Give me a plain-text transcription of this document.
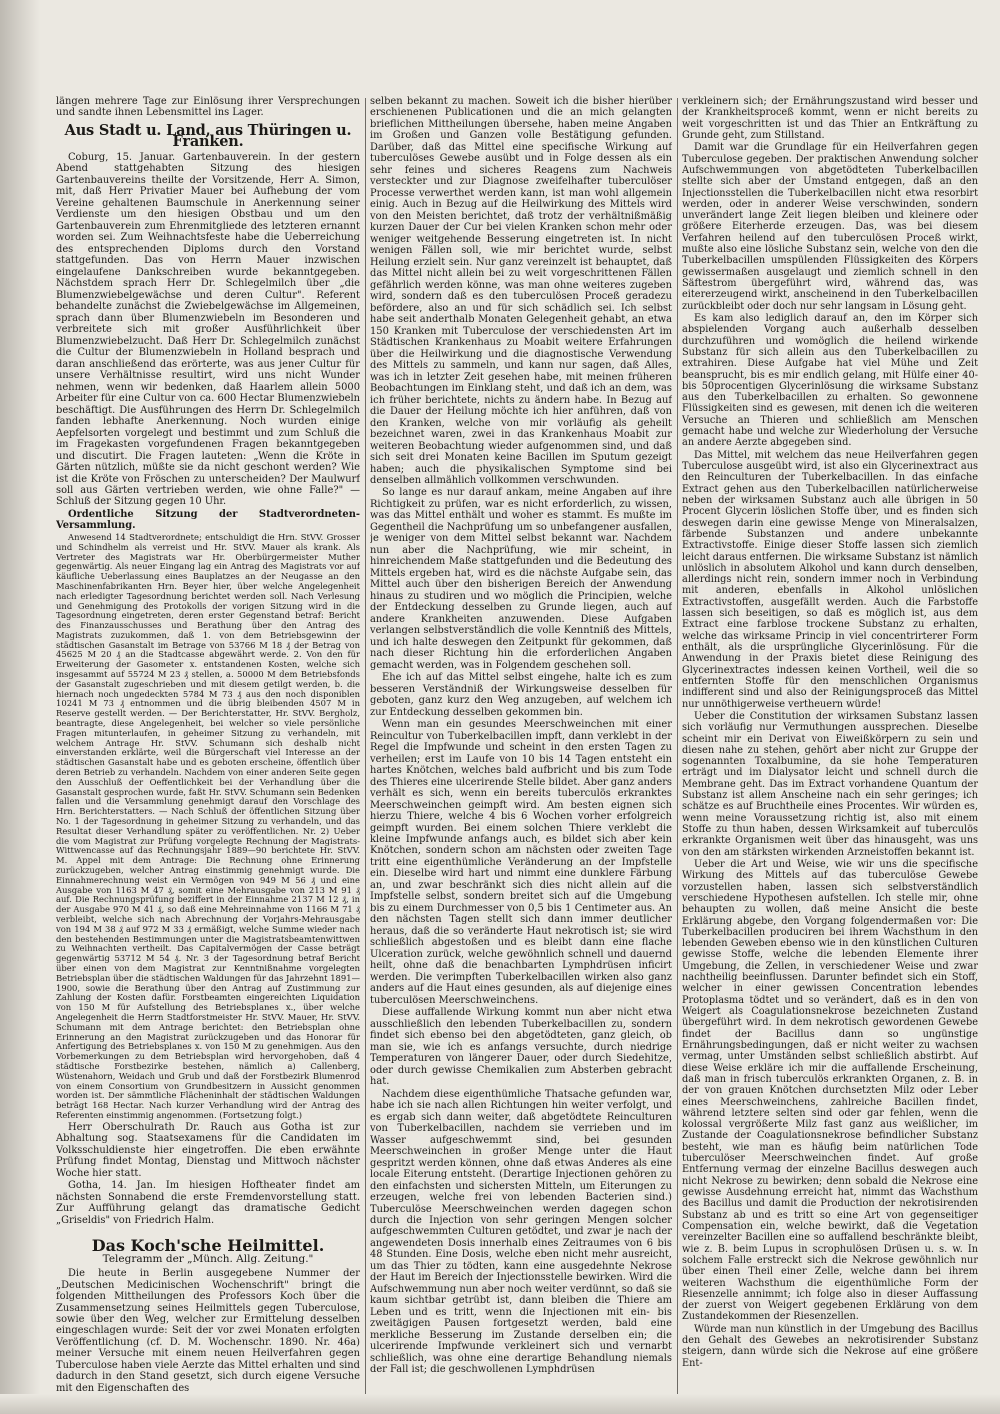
längen mehrere Tage zur Einlösung ihrer Versprechungen und sandte ihnen Lebensmittel ins Lager.

Aus Stadt u. Land, aus Thüringen u. Franken.

Coburg, 15. Januar. Gartenbauverein. In der gestern Abend stattgehabten Sitzung des hiesigen Gartenbauvereins theilte der Vorsitzende, Herr A. Simon, mit, daß Herr Privatier Mauer bei Aufhebung der vom Vereine gehaltenen Baumschule in Anerkennung seiner Verdienste um den hiesigen Obstbau und um den Gartenbauverein zum Ehrenmitgliede des letzteren ernannt worden sei. Zum Weihnachtsfeste habe die Ueberreichung des entsprechenden Diploms durch den Vorstand stattgefunden. Das von Herrn Mauer inzwischen eingelaufene Dankschreiben wurde bekanntgegeben. Nächstdem sprach Herr Dr. Schlegelmilch über „die Blumenzwiebelgewächse und deren Cultur". Referent behandelte zunächst die Zwiebelgewächse im Allgemeinen, sprach dann über Blumenzwiebeln im Besonderen und verbreitete sich mit großer Ausführlichkeit über Blumenzwiebelzucht. Daß Herr Dr. Schlegelmilch zunächst die Cultur der Blumenzwiebeln in Holland besprach und daran anschließend das erörterte, was aus jener Cultur für unsere Verhältnisse resultirt, wird uns nicht Wunder nehmen, wenn wir bedenken, daß Haarlem allein 5000 Arbeiter für eine Cultur von ca. 600 Hectar Blumenzwiebeln beschäftigt. Die Ausführungen des Herrn Dr. Schlegelmilch fanden lebhafte Anerkennung. Noch wurden einige Aepfelsorten vorgelegt und bestimmt und zum Schluß die im Fragekasten vorgefundenen Fragen bekanntgegeben und discutirt. Die Fragen lauteten: „Wenn die Kröte in Gärten nützlich, müßte sie da nicht geschont werden? Wie ist die Kröte von Fröschen zu unterscheiden? Der Maulwurf soll aus Gärten vertrieben werden, wie ohne Falle?" — Schluß der Sitzung gegen 10 Uhr.

Ordentliche Sitzung der Stadtverordneten-Versammlung.

Anwesend 14 Stadtverordnete; entschuldigt die Hrn. StVV. Grosser und Schindhelm als verreist und Hr. StVV. Mauer als krank. Als Vertreter des Magistrats war Hr. Oberbürgermeister Muther gegenwärtig. Als neuer Eingang lag ein Antrag des Magistrats vor auf käufliche Ueberlassung eines Bauplatzes an der Neugasse an den Maschinenfabrikanten Hrn. Beyer hier, über welche Angelegenheit nach erledigter Tagesordnung berichtet werden soll. Nach Verlesung und Genehmigung des Protokolls der vorigen Sitzung wird in die Tagesordnung eingetreten, deren erster Gegenstand betraf: Bericht des Finanzausschusses und Berathung über den Antrag des Magistrats zuzukommen, daß 1. von dem Betriebsgewinn der städtischen Gasanstalt im Betrage von 53766 M 18 ₰ der Betrag von 45625 M 20 ₰ an die Stadtcasse abgewährt werde. 2. Von den für Erweiterung der Gasometer x. entstandenen Kosten, welche sich insgesammt auf 55724 M 23 ₰ stellen, a. 50000 M dem Betriebsfonds der Gasanstalt zugeschrieben und mit diesem getilgt werden, b. die hiernach noch ungedeckten 5784 M 73 ₰ aus den noch disponiblen 10241 M 73 ₰ entnommen und die übrig bleibenden 4507 M in Reserve gestellt werden. — Der Berichterstatter, Hr. StVV. Bergholz, beantragte, diese Angelegenheit, bei welcher so viele persönliche Fragen mitunterlaufen, in geheimer Sitzung zu verhandeln, mit welchem Antrage Hr. StVV. Schumann sich deshalb nicht einverstanden erklärte, weil die Bürgerschaft viel Interesse an der städtischen Gasanstalt habe und es geboten erscheine, öffentlich über deren Betrieb zu verhandeln. Nachdem von einer anderen Seite gegen den Ausschluß der Oeffentlichkeit bei der Verhandlung über die Gasanstalt gesprochen wurde, faßt Hr. StVV. Schumann sein Bedenken fallen und die Versammlung genehmigt darauf den Vorschlage des Hrn. Berichterstatters. — Nach Schluß der öffentlichen Sitzung über No. 1 der Tagesordnung in geheimer Sitzung zu verhandeln, und das Resultat dieser Verhandlung später zu veröffentlichen. Nr. 2) Ueber die vom Magistrat zur Prüfung vorgelegte Rechnung der Magistrats-Wittwencasse auf das Rechnungsjahr 1889—90 berichtete Hr. StVV. M. Appel mit dem Antrage: Die Rechnung ohne Erinnerung zurückzugeben, welcher Antrag einstimmig genehmigt wurde. Die Einnahmerechnung weist ein Vermögen von 949 M 56 ₰ und eine Ausgabe von 1163 M 47 ₰, somit eine Mehrausgabe von 213 M 91 ₰ auf. Die Rechnungsprüfung beziffert in der Einnahme 2137 M 12 ₰, in der Ausgabe 970 M 41 ₰, so daß eine Mehreinnahme von 1166 M 71 ₰ verbleibt, welche sich nach Abrechnung der Vorjahrs-Mehrausgabe von 194 M 38 ₰ auf 972 M 33 ₰ ermäßigt, welche Summe wieder nach den bestehenden Bestimmungen unter die Magistratsbeamtenwittwen zu Weihnachten vertheilt. Das Capitalvermögen der Casse beträgt gegenwärtig 53712 M 54 ₰. Nr. 3 der Tagesordnung betraf Bericht über einen von dem Magistrat zur Kenntnißnahme vorgelegten Betriebsplan über die städtischen Waldungen für das Jahrzehnt 1891—1900, sowie die Berathung über den Antrag auf Zustimmung zur Zahlung der Kosten dafür. Forstbeamten eingereichten Liquidation von 150 M für Aufstellung des Betriebsplanes x., über welche Angelegenheit die Herrn Stadtforstmeister Hr. StVV. Mauer, Hr. StVV. Schumann mit dem Antrage berichtet: den Betriebsplan ohne Erinnerung an den Magistrat zurückzugeben und das Honorar für Anfertigung des Betriebsplanes x. von 150 M zu genehmigen. Aus den Vorbemerkungen zu dem Betriebsplan wird hervorgehoben, daß 4 städtische Forstbezirke bestehen, nämlich a) Callenberg, Wüstenahorn, Weidach und Grub und daß der Forstbezirk Blumenrod von einem Consortium von Grundbesitzern in Aussicht genommen worden ist. Der sämmtliche Flächeninhalt der städtischen Waldungen beträgt 168 Hectar. Nach kurzer Verhandlung wird der Antrag des Referenten einstimmig angenommen. (Fortsetzung folgt.)

Herr Oberschulrath Dr. Rauch aus Gotha ist zur Abhaltung sog. Staatsexamens für die Candidaten im Volksschuldienste hier eingetroffen. Die eben erwähnte Prüfung findet Montag, Dienstag und Mittwoch nächster Woche hier statt.

Gotha, 14. Jan. Im hiesigen Hoftheater findet am nächsten Sonnabend die erste Fremdenvorstellung statt. Zur Aufführung gelangt das dramatische Gedicht „Griseldis" von Friedrich Halm.

Das Koch'sche Heilmittel.
Telegramm der „Münch. Allg. Zeitung."

Die heute in Berlin ausgegebene Nummer der „Deutschen Medicinischen Wochenschrift" bringt die folgenden Mittheilungen des Professors Koch über die Zusammensetzung seines Heilmittels gegen Tuberculose, sowie über den Weg, welcher zur Ermittelung desselben eingeschlagen wurde: Seit der vor zwei Monaten erfolgten Veröffentlichung (cf. D. M. Wochenschr. 1890. Nr. 46a) meiner Versuche mit einem neuen Heilverfahren gegen Tuberculose haben viele Aerzte das Mittel erhalten und sind dadurch in den Stand gesetzt, sich durch eigene Versuche mit den Eigenschaften des

selben bekannt zu machen. Soweit ich die bisher hierüber erschienenen Publicationen und die an mich gelangten brieflichen Mittheilungen übersehe, haben meine Angaben im Großen und Ganzen volle Bestätigung gefunden. Darüber, daß das Mittel eine specifische Wirkung auf tuberculöses Gewebe ausübt und in Folge dessen als ein sehr feines und sicheres Reagens zum Nachweis versteckter und zur Diagnose zweifelhafter tuberculöser Processe verwerthet werden kann, ist man wohl allgemein einig. Auch in Bezug auf die Heilwirkung des Mittels wird von den Meisten berichtet, daß trotz der verhältnißmäßig kurzen Dauer der Cur bei vielen Kranken schon mehr oder weniger weitgehende Besserung eingetreten ist. In nicht wenigen Fällen soll, wie mir berichtet wurde, selbst Heilung erzielt sein. Nur ganz vereinzelt ist behauptet, daß das Mittel nicht allein bei zu weit vorgeschrittenen Fällen gefährlich werden könne, was man ohne weiteres zugeben wird, sondern daß es den tuberculösen Proceß geradezu befördere, also an und für sich schädlich sei. Ich selbst habe seit anderthalb Monaten Gelegenheit gehabt, an etwa 150 Kranken mit Tuberculose der verschiedensten Art im Städtischen Krankenhaus zu Moabit weitere Erfahrungen über die Heilwirkung und die diagnostische Verwendung des Mittels zu sammeln, und kann nur sagen, daß Alles, was ich in letzter Zeit gesehen habe, mit meinen früheren Beobachtungen im Einklang steht, und daß ich an dem, was ich früher berichtete, nichts zu ändern habe. In Bezug auf die Dauer der Heilung möchte ich hier anführen, daß von den Kranken, welche von mir vorläufig als geheilt bezeichnet waren, zwei in das Krankenhaus Moabit zur weiteren Beobachtung wieder aufgenommen sind, und daß sich seit drei Monaten keine Bacillen im Sputum gezeigt haben; auch die physikalischen Symptome sind bei denselben allmählich vollkommen verschwunden.

So lange es nur darauf ankam, meine Angaben auf ihre Richtigkeit zu prüfen, war es nicht erforderlich, zu wissen, was das Mittel enthält und woher es stammt. Es mußte im Gegentheil die Nachprüfung um so unbefangener ausfallen, je weniger von dem Mittel selbst bekannt war. Nachdem nun aber die Nachprüfung, wie mir scheint, in hinreichendem Maße stattgefunden und die Bedeutung des Mittels ergeben hat, wird es die nächste Aufgabe sein, das Mittel auch über den bisherigen Bereich der Anwendung hinaus zu studiren und wo möglich die Principien, welche der Entdeckung desselben zu Grunde liegen, auch auf andere Krankheiten anzuwenden. Diese Aufgaben verlangen selbstverständlich die volle Kenntniß des Mittels, und ich halte deswegen den Zeitpunkt für gekommen, daß nach dieser Richtung hin die erforderlichen Angaben gemacht werden, was in Folgendem geschehen soll.

Ehe ich auf das Mittel selbst eingehe, halte ich es zum besseren Verständniß der Wirkungsweise desselben für geboten, ganz kurz den Weg anzugeben, auf welchem ich zur Entdeckung desselben gekommen bin.

Wenn man ein gesundes Meerschweinchen mit einer Reincultur von Tuberkelbacillen impft, dann verklebt in der Regel die Impfwunde und scheint in den ersten Tagen zu verheilen; erst im Laufe von 10 bis 14 Tagen entsteht ein hartes Knötchen, welches bald aufbricht und bis zum Tode des Thieres eine ulcerirende Stelle bildet. Aber ganz anders verhält es sich, wenn ein bereits tuberculös erkranktes Meerschweinchen geimpft wird. Am besten eignen sich hierzu Thiere, welche 4 bis 6 Wochen vorher erfolgreich geimpft wurden. Bei einem solchen Thiere verklebt die kleine Impfwunde anfangs auch, es bildet sich aber kein Knötchen, sondern schon am nächsten oder zweiten Tage tritt eine eigenthümliche Veränderung an der Impfstelle ein. Dieselbe wird hart und nimmt eine dunklere Färbung an, und zwar beschränkt sich dies nicht allein auf die Impfstelle selbst, sondern breitet sich auf die Umgebung bis zu einem Durchmesser von 0,5 bis 1 Centimeter aus. An den nächsten Tagen stellt sich dann immer deutlicher heraus, daß die so veränderte Haut nekrotisch ist; sie wird schließlich abgestoßen und es bleibt dann eine flache Ulceration zurück, welche gewöhnlich schnell und dauernd heilt, ohne daß die benachbarten Lymphdrüsen inficirt werden. Die verimpften Tuberkelbacillen wirken also ganz anders auf die Haut eines gesunden, als auf diejenige eines tuberculösen Meerschweinchens.

Diese auffallende Wirkung kommt nun aber nicht etwa ausschließlich den lebenden Tuberkelbacillen zu, sondern findet sich ebenso bei den abgetödteten, ganz gleich, ob man sie, wie ich es anfangs versuchte, durch niedrige Temperaturen von längerer Dauer, oder durch Siedehitze, oder durch gewisse Chemikalien zum Absterben gebracht hat.

Nachdem diese eigenthümliche Thatsache gefunden war, habe ich sie nach allen Richtungen hin weiter verfolgt, und es ergab sich dann weiter, daß abgetödtete Reinculturen von Tuberkelbacillen, nachdem sie verrieben und im Wasser aufgeschwemmt sind, bei gesunden Meerschweinchen in großer Menge unter die Haut gespritzt werden können, ohne daß etwas Anderes als eine locale Eiterung entsteht. (Derartige Injectionen gehören zu den einfachsten und sichersten Mitteln, um Eiterungen zu erzeugen, welche frei von lebenden Bacterien sind.) Tuberculöse Meerschweinchen werden dagegen schon durch die Injection von sehr geringen Mengen solcher aufgeschwemmten Culturen getödtet, und zwar je nach der angewendeten Dosis innerhalb eines Zeitraumes von 6 bis 48 Stunden. Eine Dosis, welche eben nicht mehr ausreicht, um das Thier zu tödten, kann eine ausgedehnte Nekrose der Haut im Bereich der Injectionsstelle bewirken. Wird die Aufschwemmung nun aber noch weiter verdünnt, so daß sie kaum sichtbar getrübt ist, dann bleiben die Thiere am Leben und es tritt, wenn die Injectionen mit ein- bis zweitägigen Pausen fortgesetzt werden, bald eine merkliche Besserung im Zustande derselben ein; die ulcerirende Impfwunde verkleinert sich und vernarbt schließlich, was ohne eine derartige Behandlung niemals der Fall ist; die geschwollenen Lymphdrüsen

verkleinern sich; der Ernährungszustand wird besser und der Krankheitsproceß kommt, wenn er nicht bereits zu weit vorgeschritten ist und das Thier an Entkräftung zu Grunde geht, zum Stillstand.

Damit war die Grundlage für ein Heilverfahren gegen Tuberculose gegeben. Der praktischen Anwendung solcher Aufschwemmungen von abgetödteten Tuberkelbacillen stellte sich aber der Umstand entgegen, daß an den Injectionsstellen die Tuberkelbacillen nicht etwa resorbirt werden, oder in anderer Weise verschwinden, sondern unverändert lange Zeit liegen bleiben und kleinere oder größere Eiterherde erzeugen. Das, was bei diesem Verfahren heilend auf den tuberculösen Proceß wirkt, mußte also eine lösliche Substanz sein, welche von den die Tuberkelbacillen umspülenden Flüssigkeiten des Körpers gewissermaßen ausgelaugt und ziemlich schnell in den Säftestrom übergeführt wird, während das, was eitererzeugend wirkt, anscheinend in den Tuberkelbacillen zurückbleibt oder doch nur sehr langsam in Lösung geht.

Es kam also lediglich darauf an, den im Körper sich abspielenden Vorgang auch außerhalb desselben durchzuführen und womöglich die heilend wirkende Substanz für sich allein aus den Tuberkelbacillen zu extrahiren. Diese Aufgabe hat viel Mühe und Zeit beansprucht, bis es mir endlich gelang, mit Hülfe einer 40- bis 50procentigen Glycerinlösung die wirksame Substanz aus den Tuberkelbacillen zu erhalten. So gewonnene Flüssigkeiten sind es gewesen, mit denen ich die weiteren Versuche an Thieren und schließlich am Menschen gemacht habe und welche zur Wiederholung der Versuche an andere Aerzte abgegeben sind.

Das Mittel, mit welchem das neue Heilverfahren gegen Tuberculose ausgeübt wird, ist also ein Glycerinextract aus den Reinculturen der Tuberkelbacillen. In das einfache Extract gehen aus den Tuberkelbacillen natürlicherweise neben der wirksamen Substanz auch alle übrigen in 50 Procent Glycerin löslichen Stoffe über, und es finden sich deswegen darin eine gewisse Menge von Mineralsalzen, färbende Substanzen und andere unbekannte Extractivstoffe. Einige dieser Stoffe lassen sich ziemlich leicht daraus entfernen. Die wirksame Substanz ist nämlich unlöslich in absolutem Alkohol und kann durch denselben, allerdings nicht rein, sondern immer noch in Verbindung mit anderen, ebenfalls in Alkohol unlöslichen Extractivstoffen, ausgefällt werden. Auch die Farbstoffe lassen sich beseitigen, so daß es möglich ist, aus dem Extract eine farblose trockene Substanz zu erhalten, welche das wirksame Princip in viel concentrirterer Form enthält, als die ursprüngliche Glycerinlösung. Für die Anwendung in der Praxis bietet diese Reinigung des Glycerinextractes indessen keinen Vortheil, weil die so entfernten Stoffe für den menschlichen Organismus indifferent sind und also der Reinigungsproceß das Mittel nur unnöthigerweise vertheuern würde!

Ueber die Constitution der wirksamen Substanz lassen sich vorläufig nur Vermuthungen aussprechen. Dieselbe scheint mir ein Derivat von Eiweißkörpern zu sein und diesen nahe zu stehen, gehört aber nicht zur Gruppe der sogenannten Toxalbumine, da sie hohe Temperaturen erträgt und im Dialysator leicht und schnell durch die Membrane geht. Das im Extract vorhandene Quantum der Substanz ist allem Anscheine nach ein sehr geringes; ich schätze es auf Bruchtheile eines Procentes. Wir würden es, wenn meine Voraussetzung richtig ist, also mit einem Stoffe zu thun haben, dessen Wirksamkeit auf tuberculös erkrankte Organismen weit über das hinausgeht, was uns von den am stärksten wirkenden Arzneistoffen bekannt ist.

Ueber die Art und Weise, wie wir uns die specifische Wirkung des Mittels auf das tuberculöse Gewebe vorzustellen haben, lassen sich selbstverständlich verschiedene Hypothesen aufstellen. Ich stelle mir, ohne behaupten zu wollen, daß meine Ansicht die beste Erklärung abgebe, den Vorgang folgendermaßen vor: Die Tuberkelbacillen produciren bei ihrem Wachsthum in den lebenden Geweben ebenso wie in den künstlichen Culturen gewisse Stoffe, welche die lebenden Elemente ihrer Umgebung, die Zellen, in verschiedener Weise und zwar nachtheilig beeinflussen. Darunter befindet sich ein Stoff, welcher in einer gewissen Concentration lebendes Protoplasma tödtet und so verändert, daß es in den von Weigert als Coagulationsnekrose bezeichneten Zustand übergeführt wird. In dem nekrotisch gewordenen Gewebe findet der Bacillus dann so ungünstige Ernährungsbedingungen, daß er nicht weiter zu wachsen vermag, unter Umständen selbst schließlich abstirbt. Auf diese Weise erkläre ich mir die auffallende Erscheinung, daß man in frisch tuberculös erkrankten Organen, z. B. in der von grauen Knötchen durchsetzten Milz oder Leber eines Meerschweinchens, zahlreiche Bacillen findet, während letztere selten sind oder gar fehlen, wenn die kolossal vergrößerte Milz fast ganz aus weißlicher, im Zustande der Coagulationsnekrose befindlicher Substanz besteht, wie man es häufig beim natürlichen Tode tuberculöser Meerschweinchen findet. Auf große Entfernung vermag der einzelne Bacillus deswegen auch nicht Nekrose zu bewirken; denn sobald die Nekrose eine gewisse Ausdehnung erreicht hat, nimmt das Wachsthum des Bacillus und damit die Production der nekrotisirenden Substanz ab und es tritt so eine Art von gegenseitiger Compensation ein, welche bewirkt, daß die Vegetation vereinzelter Bacillen eine so auffallend beschränkte bleibt, wie z. B. beim Lupus in scrophulösen Drüsen u. s. w. In solchem Falle erstreckt sich die Nekrose gewöhnlich nur über einen Theil einer Zelle, welche dann bei ihrem weiteren Wachsthum die eigenthümliche Form der Riesenzelle annimmt; ich folge also in dieser Auffassung der zuerst von Weigert gegebenen Erklärung von dem Zustandekommen der Riesenzellen.

Würde man nun künstlich in der Umgebung des Bacillus den Gehalt des Gewebes an nekrotisirender Substanz steigern, dann würde sich die Nekrose auf eine größere Ent-
